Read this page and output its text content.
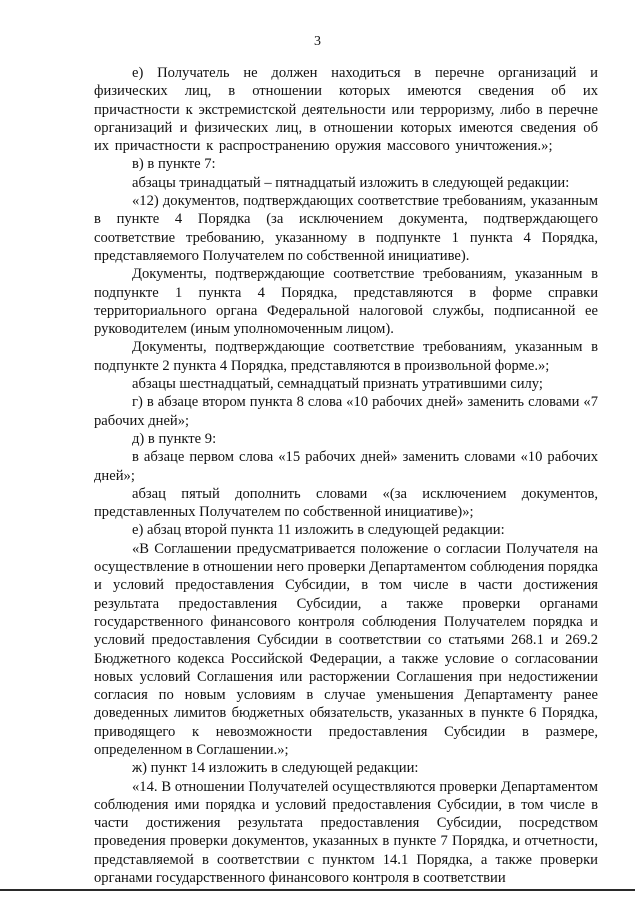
3

е) Получатель не должен находиться в перечне организаций и физических лиц, в отношении которых имеются сведения об их причастности к экстремистской деятельности или терроризму, либо в перечне организаций и физических лиц, в отношении которых имеются сведения об их причастности к распространению оружия массового уничтожения.»;

в) в пункте 7:

абзацы тринадцатый – пятнадцатый изложить в следующей редакции:

«12) документов, подтверждающих соответствие требованиям, указанным в пункте 4 Порядка (за исключением документа, подтверждающего соответствие требованию, указанному в подпункте 1 пункта 4 Порядка, представляемого Получателем по собственной инициативе).

Документы, подтверждающие соответствие требованиям, указанным в подпункте 1 пункта 4 Порядка, представляются в форме справки территориального органа Федеральной налоговой службы, подписанной ее руководителем (иным уполномоченным лицом).

Документы, подтверждающие соответствие требованиям, указанным в подпункте 2 пункта 4 Порядка, представляются в произвольной форме.»;

абзацы шестнадцатый, семнадцатый признать утратившими силу;

г) в абзаце втором пункта 8 слова «10 рабочих дней» заменить словами «7 рабочих дней»;

д) в пункте 9:

в абзаце первом слова «15 рабочих дней» заменить словами «10 рабочих дней»;

абзац пятый дополнить словами «(за исключением документов, представленных Получателем по собственной инициативе)»;

е) абзац второй пункта 11 изложить в следующей редакции:

«В Соглашении предусматривается положение о согласии Получателя на осуществление в отношении него проверки Департаментом соблюдения порядка и условий предоставления Субсидии, в том числе в части достижения результата предоставления Субсидии, а также проверки органами государственного финансового контроля соблюдения Получателем порядка и условий предоставления Субсидии в соответствии со статьями 268.1 и 269.2 Бюджетного кодекса Российской Федерации, а также условие о согласовании новых условий Соглашения или расторжении Соглашения при недостижении согласия по новым условиям в случае уменьшения Департаменту ранее доведенных лимитов бюджетных обязательств, указанных в пункте 6 Порядка, приводящего к невозможности предоставления Субсидии в размере, определенном в Соглашении.»;

ж) пункт 14 изложить в следующей редакции:

«14. В отношении Получателей осуществляются проверки Департаментом соблюдения ими порядка и условий предоставления Субсидии, в том числе в части достижения результата предоставления Субсидии, посредством проведения проверки документов, указанных в пункте 7 Порядка, и отчетности, представляемой в соответствии с пунктом 14.1 Порядка, а также проверки органами государственного финансового контроля в соответствии
